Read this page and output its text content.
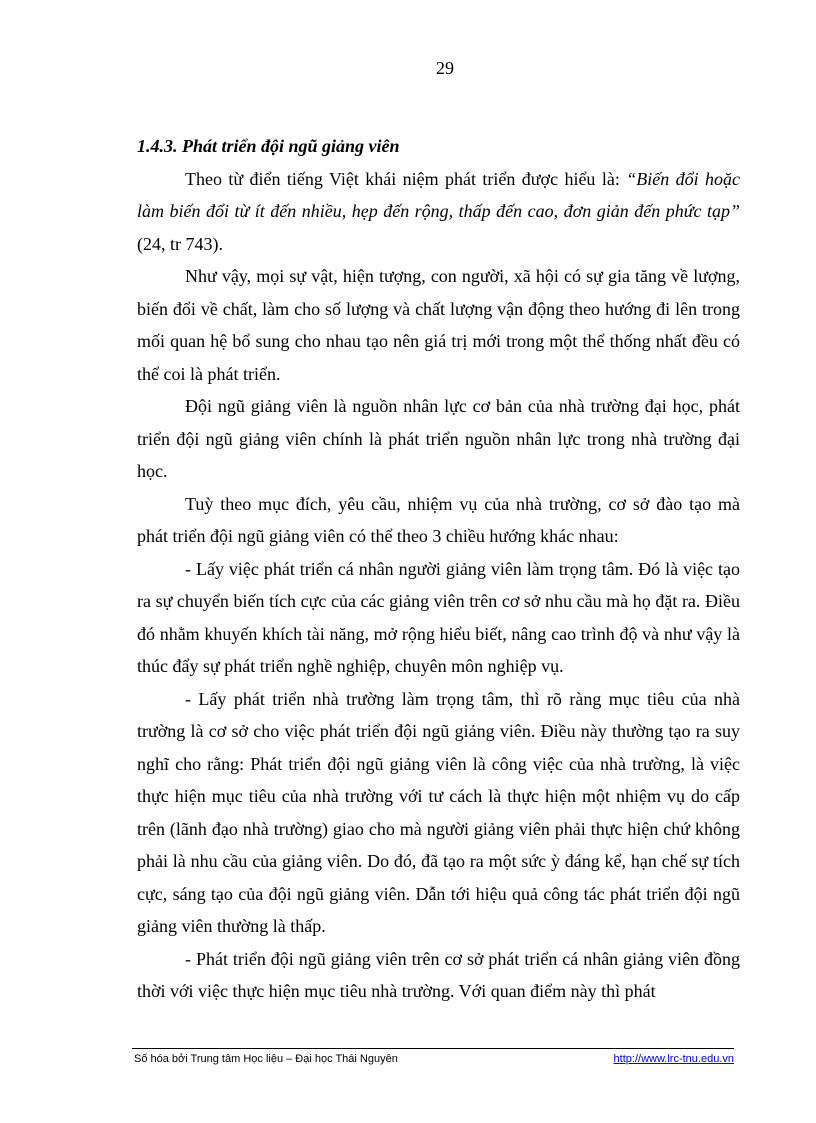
29

1.4.3. Phát triển đội ngũ giảng viên

Theo từ điển tiếng Việt khái niệm phát triển được hiểu là: “Biến đổi hoặc làm biến đổi từ ít đến nhiều, hẹp đến rộng, thấp đến cao, đơn giản đến phức tạp” (24, tr 743).

Như vậy, mọi sự vật, hiện tượng, con người, xã hội có sự gia tăng về lượng, biến đổi về chất, làm cho số lượng và chất lượng vận động theo hướng đi lên trong mối quan hệ bổ sung cho nhau tạo nên giá trị mới trong một thể thống nhất đều có thể coi là phát triển.

Đội ngũ giảng viên là nguồn nhân lực cơ bản của nhà trường đại học, phát triển đội ngũ giảng viên chính là phát triển nguồn nhân lực trong nhà trường đại học.

Tuỳ theo mục đích, yêu cầu, nhiệm vụ của nhà trường, cơ sở đào tạo mà phát triển đội ngũ giảng viên có thể theo 3 chiều hướng khác nhau:

- Lấy việc phát triển cá nhân người giảng viên làm trọng tâm. Đó là việc tạo ra sự chuyển biến tích cực của các giảng viên trên cơ sở nhu cầu mà họ đặt ra. Điều đó nhằm khuyến khích tài năng, mở rộng hiểu biết, nâng cao trình độ và như vậy là thúc đẩy sự phát triển nghề nghiệp, chuyên môn nghiệp vụ.

- Lấy phát triển nhà trường làm trọng tâm, thì rõ ràng mục tiêu của nhà trường là cơ sở cho việc phát triển đội ngũ giảng viên. Điều này thường tạo ra suy nghĩ cho rằng: Phát triển đội ngũ giảng viên là công việc của nhà trường, là việc thực hiện mục tiêu của nhà trường với tư cách là thực hiện một nhiệm vụ do cấp trên (lãnh đạo nhà trường) giao cho mà người giảng viên phải thực hiện chứ không phải là nhu cầu của giảng viên. Do đó, đã tạo ra một sức ỳ đáng kể, hạn chế sự tích cực, sáng tạo của đội ngũ giảng viên. Dẫn tới hiệu quả công tác phát triển đội ngũ giảng viên thường là thấp.

- Phát triển đội ngũ giảng viên trên cơ sở phát triển cá nhân giảng viên đồng thời với việc thực hiện mục tiêu nhà trường. Với quan điểm này thì phát

Số hóa bởi Trung tâm Học liệu – Đại học Thái Nguyên	http://www.lrc-tnu.edu.vn
